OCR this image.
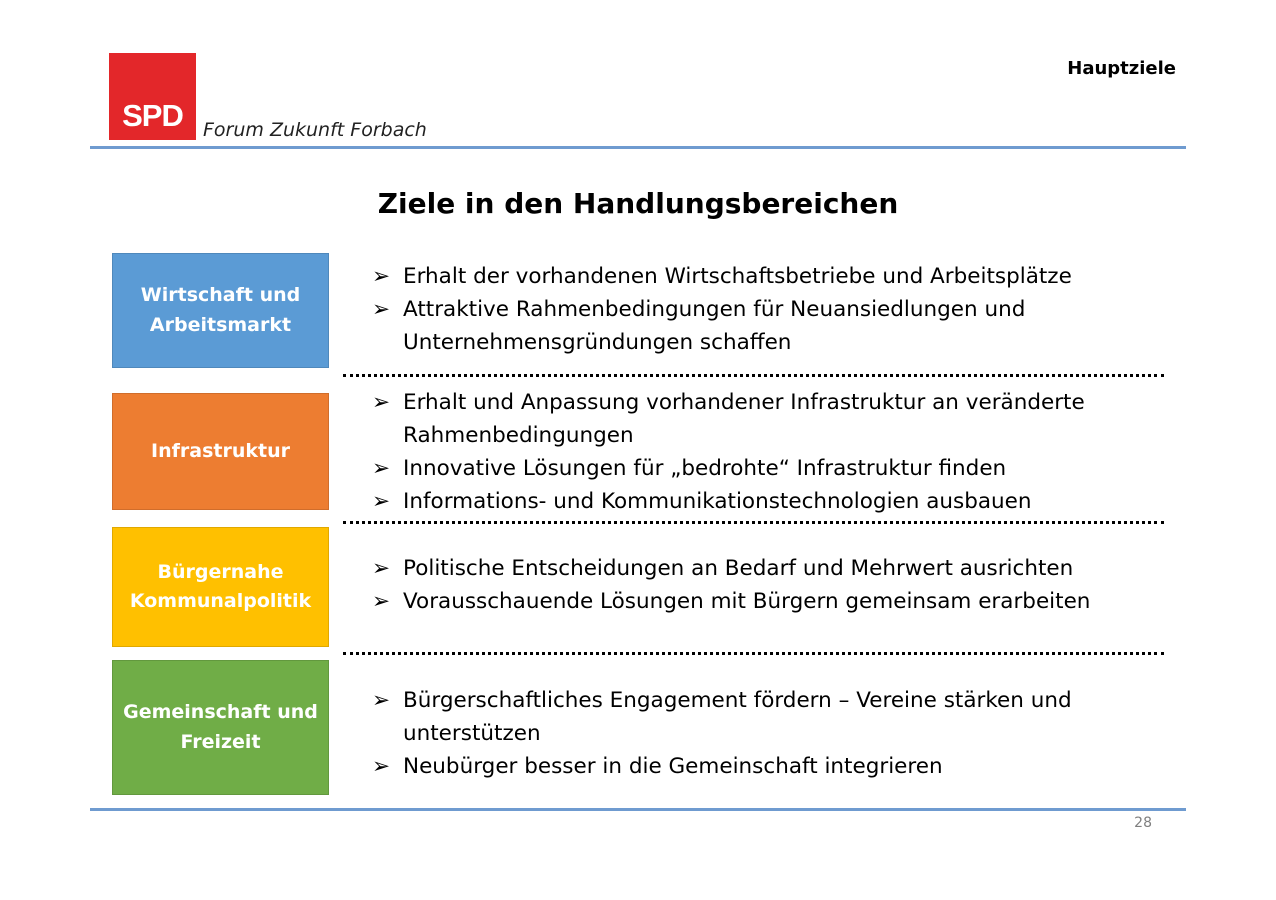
SPD	Forum Zukunft Forbach
Hauptziele
Ziele in den Handlungsbereichen
Wirtschaft und
Arbeitsmarkt
➢ Erhalt der vorhandenen Wirtschaftsbetriebe und Arbeitsplätze
➢ Attraktive Rahmenbedingungen für Neuansiedlungen und
Unternehmensgründungen schaffen
Infrastruktur
➢ Erhalt und Anpassung vorhandener Infrastruktur an veränderte
Rahmenbedingungen
➢ Innovative Lösungen für „bedrohte“ Infrastruktur finden
➢ Informations- und Kommunikationstechnologien ausbauen
Bürgernahe
Kommunalpolitik
➢ Politische Entscheidungen an Bedarf und Mehrwert ausrichten
➢ Vorausschauende Lösungen mit Bürgern gemeinsam erarbeiten
Gemeinschaft und
Freizeit
➢ Bürgerschaftliches Engagement fördern – Vereine stärken und
unterstützen
➢ Neubürger besser in die Gemeinschaft integrieren
28
